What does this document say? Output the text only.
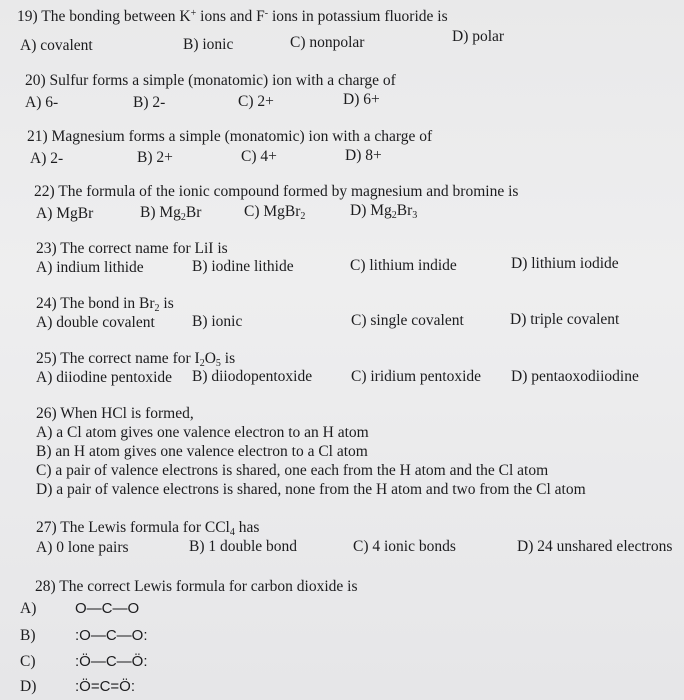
19) The bonding between K+ ions and F- ions in potassium fluoride is
A) covalent	B) ionic	C) nonpolar	D) polar
20) Sulfur forms a simple (monatomic) ion with a charge of
A) 6-	B) 2-	C) 2+	D) 6+
21) Magnesium forms a simple (monatomic) ion with a charge of
A) 2-	B) 2+	C) 4+	D) 8+
22) The formula of the ionic compound formed by magnesium and bromine is
A) MgBr	B) $Mg_2Br$	C) MgBr$_2$	D) $Mg_2Br_3$
23) The correct name for LiI is
A) indium lithide	B) iodine lithide	C) lithium indide	D) lithium iodide
24) The bond in $Br_2$ is
A) double covalent B) ionic	C) single covalent	D) triple covalent
25) The correct name for $I_2O_5$ is
A) diiodine pentoxide B) diiodopentoxide	C) iridium pentoxide D) pentaoxodiiodine
26) When HCl is formed,
A) a Cl atom gives one valence electron to an H atom
B) an H atom gives one valence electron to a Cl atom
C) a pair of valence electrons is shared, one each from the H atom and the Cl atom
D) a pair of valence electrons is shared, none from the H atom and two from the Cl atom
27) The Lewis formula for CCl$_4$ has
A) 0 lone pairs	B) 1 double bond	C) 4 ionic bonds	D) 24 unshared electrons
28) The correct Lewis formula for carbon dioxide is
A)	O—C—O
B)	:O—C—O:
C)	:Ö—C—Ö:
D)	:Ö=C=Ö:
